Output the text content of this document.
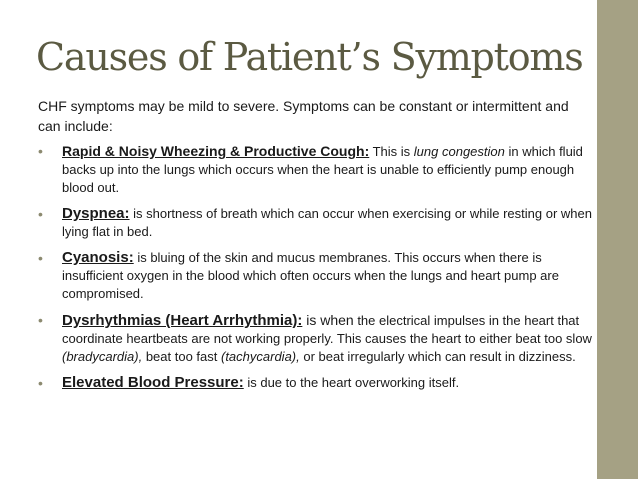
Causes of Patient’s Symptoms

CHF symptoms may be mild to severe. Symptoms can be constant or intermittent and can include:

• Rapid & Noisy Wheezing & Productive Cough: This is lung congestion in which fluid backs up into the lungs which occurs when the heart is unable to efficiently pump enough blood out.
• Dyspnea: is shortness of breath which can occur when exercising or while resting or when lying flat in bed.
• Cyanosis: is bluing of the skin and mucus membranes. This occurs when there is insufficient oxygen in the blood which often occurs when the lungs and heart pump are compromised.
• Dysrhythmias (Heart Arrhythmia): is when the electrical impulses in the heart that coordinate heartbeats are not working properly. This causes the heart to either beat too slow (bradycardia), beat too fast (tachycardia), or beat irregularly which can result in dizziness.
• Elevated Blood Pressure: is due to the heart overworking itself.
